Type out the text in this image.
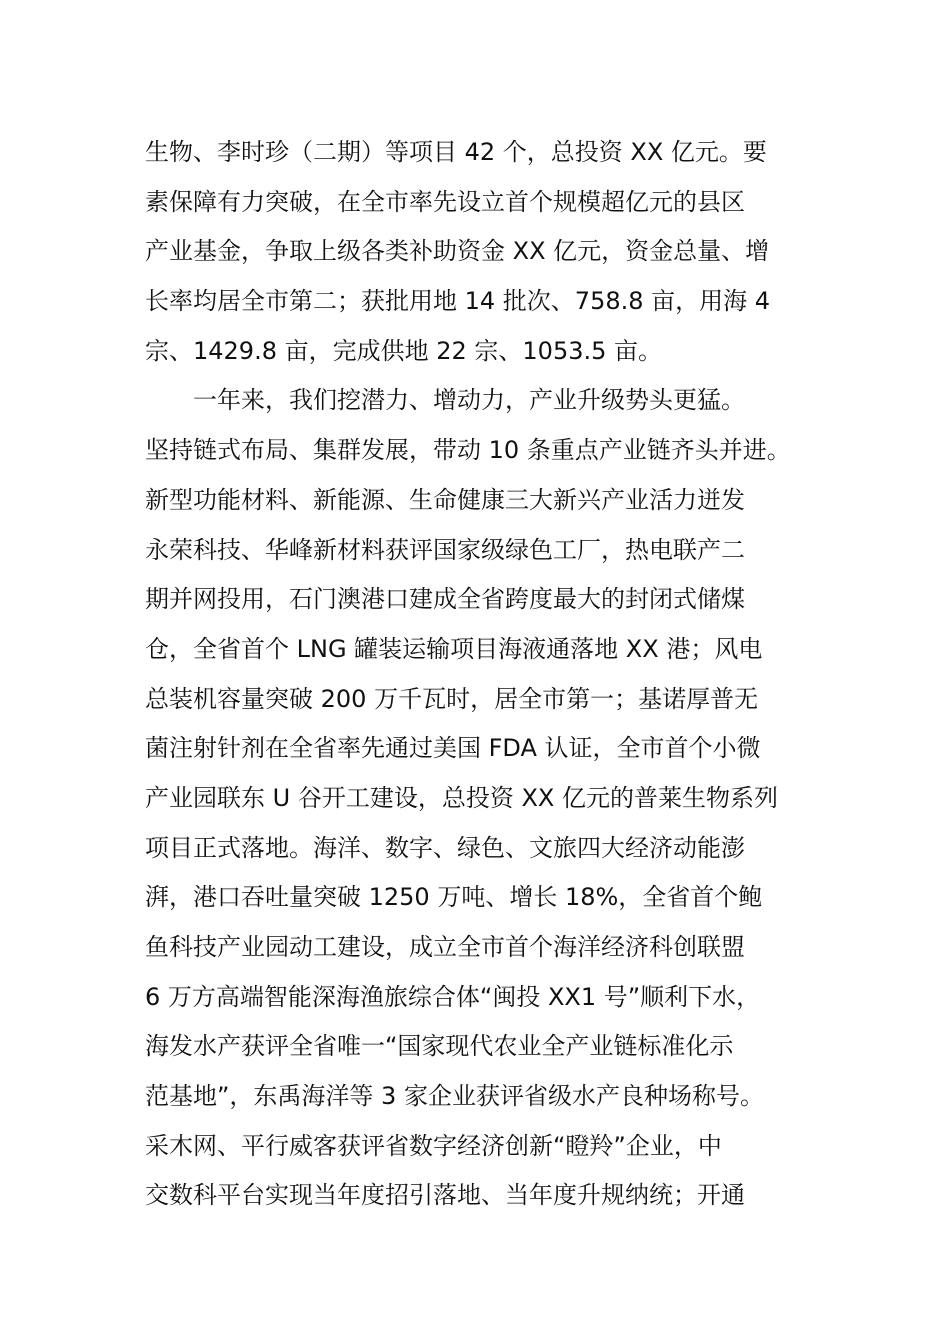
生物、李时珍（二期）等项目 42 个，总投资 XX 亿元。要
素保障有力突破，在全市率先设立首个规模超亿元的县区
产业基金，争取上级各类补助资金 XX 亿元，资金总量、增
长率均居全市第二；获批用地 14 批次、758.8 亩，用海 4
宗、1429.8 亩，完成供地 22 宗、1053.5 亩。
一年来，我们挖潜力、增动力，产业升级势头更猛。
坚持链式布局、集群发展，带动 10 条重点产业链齐头并进。
新型功能材料、新能源、生命健康三大新兴产业活力迸发
永荣科技、华峰新材料获评国家级绿色工厂，热电联产二
期并网投用，石门澳港口建成全省跨度最大的封闭式储煤
仓，全省首个 LNG 罐装运输项目海液通落地 XX 港；风电
总装机容量突破 200 万千瓦时，居全市第一；基诺厚普无
菌注射针剂在全省率先通过美国 FDA 认证，全市首个小微
产业园联东 U 谷开工建设，总投资 XX 亿元的普莱生物系列
项目正式落地。海洋、数字、绿色、文旅四大经济动能澎
湃，港口吞吐量突破 1250 万吨、增长 18%，全省首个鲍
鱼科技产业园动工建设，成立全市首个海洋经济科创联盟
6 万方高端智能深海渔旅综合体“闽投 XX1 号”顺利下水，
海发水产获评全省唯一“国家现代农业全产业链标准化示
范基地”，东禹海洋等 3 家企业获评省级水产良种场称号。
采木网、平行威客获评省数字经济创新“瞪羚”企业，中
交数科平台实现当年度招引落地、当年度升规纳统；开通
